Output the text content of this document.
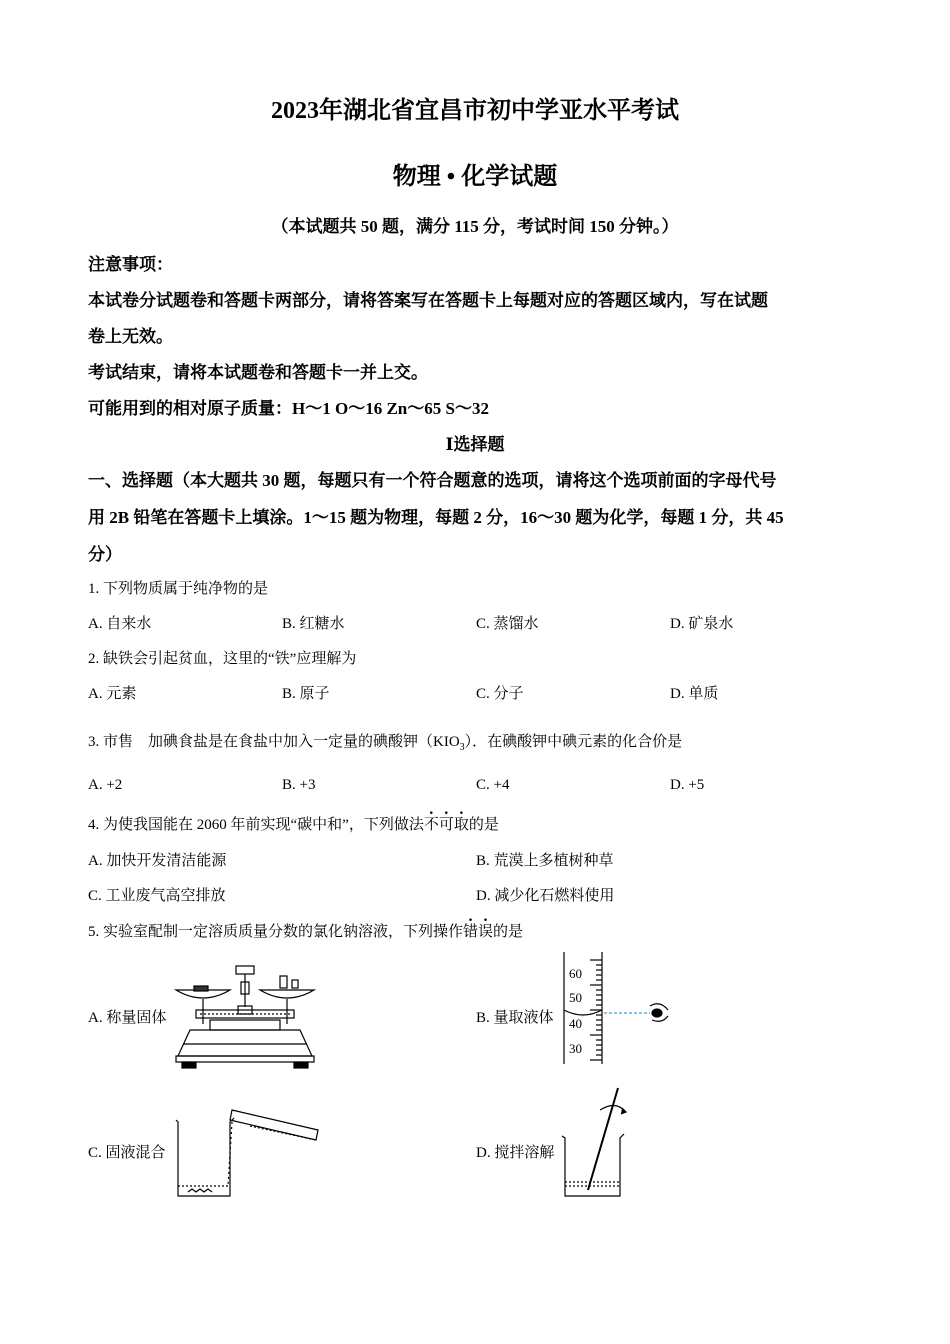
2023年湖北省宜昌市初中学亚水平考试
物理 • 化学试题
（本试题共 50 题，满分 115 分，考试时间 150 分钟。）
注意事项：
本试卷分试题卷和答题卡两部分，请将答案写在答题卡上每题对应的答题区域内，写在试题
卷上无效。
考试结束，请将本试题卷和答题卡一并上交。
可能用到的相对原子质量：H～1 O～16 Zn～65 S～32
Ⅰ选择题
一、选择题（本大题共 30 题，每题只有一个符合题意的选项，请将这个选项前面的字母代号
用 2B 铅笔在答题卡上填涂。1～15 题为物理，每题 2 分，16～30 题为化学，每题 1 分，共 45
分）
1. 下列物质属于纯净物的是
A. 自来水	B. 红糖水	C. 蒸馏水	D. 矿泉水
2. 缺铁会引起贫血，这里的“铁”应理解为
A. 元素	B. 原子	C. 分子	D. 单质
3. 市售　加碘食盐是在食盐中加入一定量的碘酸钾$(KIO_3)$．在碘酸钾中碘元素的化合价是
A. +2	B. +3	C. +4	D. +5
4. 为使我国能在 2060 年前实现“碳中和”，下列做法不可取的是
A. 加快开发清洁能源	B. 荒漠上多植树种草
C. 工业废气高空排放	D. 减少化石燃料使用
5. 实验室配制一定溶质质量分数的氯化钠溶液，下列操作错误的是
A. 称量固体	B. 量取液体
C. 固液混合	D. 搅拌溶解
60
50
40
30
